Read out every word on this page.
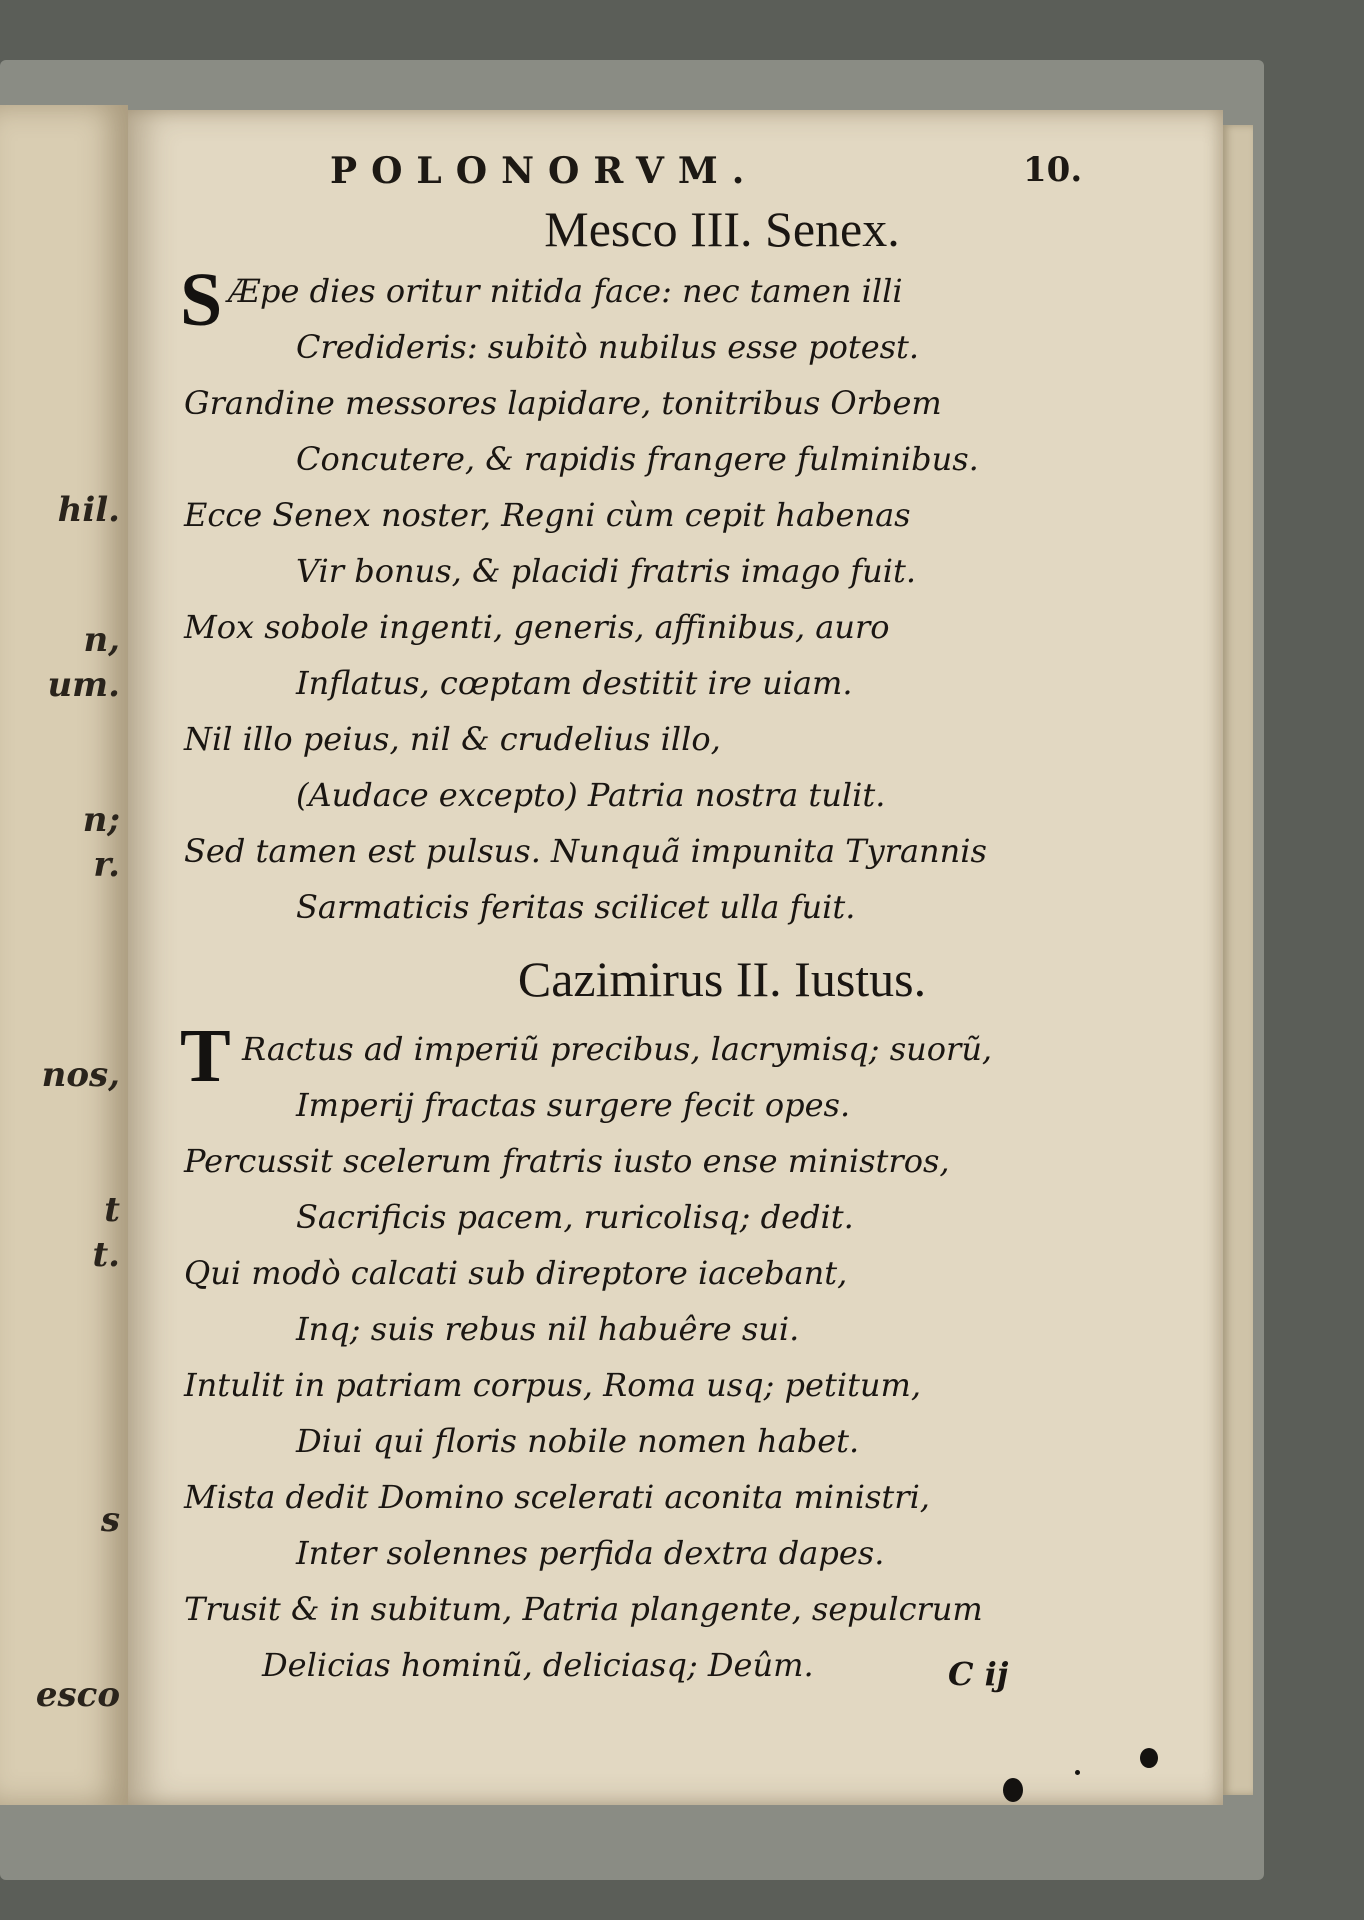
hil.
n,
um.
n;
r.
nos,
t
t.
s
esco
POLONORVM.	10.
Mesco III. Senex.
S Æpe dies oritur nitida face: nec tamen illi
Credideris: subitò nubilus esse potest.
Grandine messores lapidare, tonitribus Orbem
Concutere, & rapidis frangere fulminibus.
Ecce Senex noster, Regni cùm cepit habenas
Vir bonus, & placidi fratris imago fuit.
Mox sobole ingenti, generis, affinibus, auro
Inflatus, cœptam destitit ire uiam.
Nil illo peius, nil & crudelius illo,
(Audace excepto) Patria nostra tulit.
Sed tamen est pulsus. Nunquã impunita Tyrannis
Sarmaticis feritas scilicet ulla fuit.
Cazimirus II. Iustus.
T Ractus ad imperiũ precibus, lacrymisq; suorũ,
Imperij fractas surgere fecit opes.
Percussit scelerum fratris iusto ense ministros,
Sacrificis pacem, ruricolisq; dedit.
Qui modò calcati sub direptore iacebant,
Inq; suis rebus nil habuêre sui.
Intulit in patriam corpus, Roma usq; petitum,
Diui qui floris nobile nomen habet.
Mista dedit Domino scelerati aconita ministri,
Inter solennes perfida dextra dapes.
Trusit & in subitum, Patria plangente, sepulcrum
Delicias hominũ, deliciasq; Deûm.	C ij
